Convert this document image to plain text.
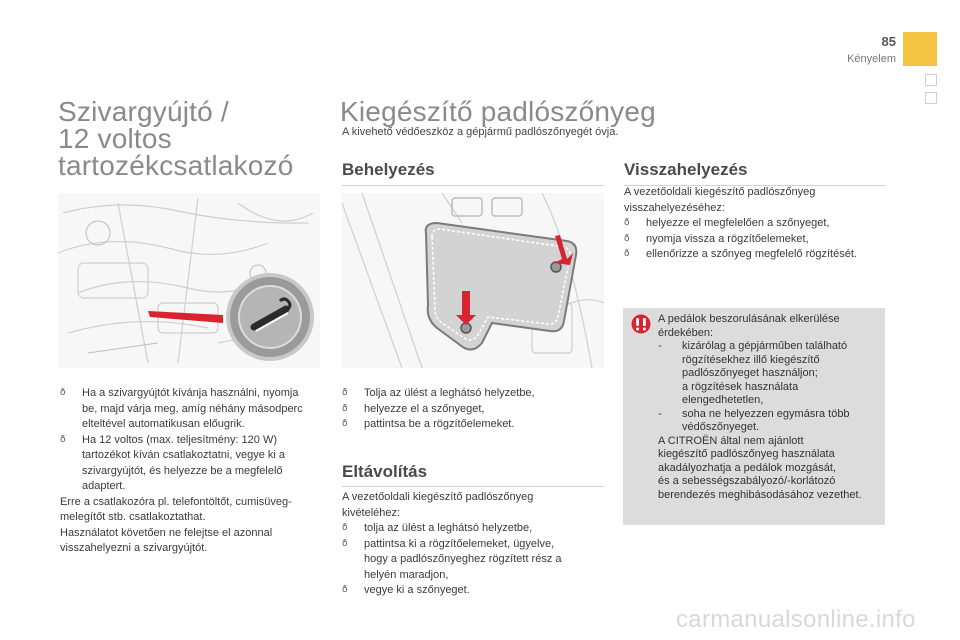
85
Kényelem
Szivargyújtó /
12 voltos
tartozékcsatlakozó
ð Ha a szivargyújtót kívánja használni, nyomja
be, majd várja meg, amíg néhány másodperc
elteltével automatikusan előugrik.
ð Ha 12 voltos (max. teljesítmény: 120 W)
tartozékot kíván csatlakoztatni, vegye ki a
szivargyújtót, és helyezze be a megfelelő
adaptert.
Erre a csatlakozóra pl. telefontöltőt, cumisüveg-
melegítőt stb. csatlakoztathat.
Használatot követően ne felejtse el azonnal
visszahelyezni a szivargyújtót.
Kiegészítő padlószőnyeg
A kivehető védőeszköz a gépjármű padlószőnyegét óvja.
Behelyezés
ð Tolja az ülést a leghátsó helyzetbe,
ð helyezze el a szőnyeget,
ð pattintsa be a rögzítőelemeket.
Eltávolítás
A vezetőoldali kiegészítő padlószőnyeg
kivételéhez:
ð tolja az ülést a leghátsó helyzetbe,
ð pattintsa ki a rögzítőelemeket, ügyelve,
hogy a padlószőnyeghez rögzített rész a
helyén maradjon,
ð vegye ki a szőnyeget.
Visszahelyezés
A vezetőoldali kiegészítő padlószőnyeg
visszahelyezéséhez:
ð helyezze el megfelelően a szőnyeget,
ð nyomja vissza a rögzítőelemeket,
ð ellenőrizze a szőnyeg megfelelő rögzítését.
A pedálok beszorulásának elkerülése
érdekében:
- kizárólag a gépjárműben található
rögzítésekhez illő kiegészítő
padlószőnyeget használjon;
a rögzítések használata
elengedhetetlen,
- soha ne helyezzen egymásra több
védőszőnyeget.
A CITROËN által nem ajánlott
kiegészítő padlószőnyeg használata
akadályozhatja a pedálok mozgását,
és a sebességszabályozó/-korlátozó
berendezés meghibásodásához vezethet.
carmanualsonline.info
